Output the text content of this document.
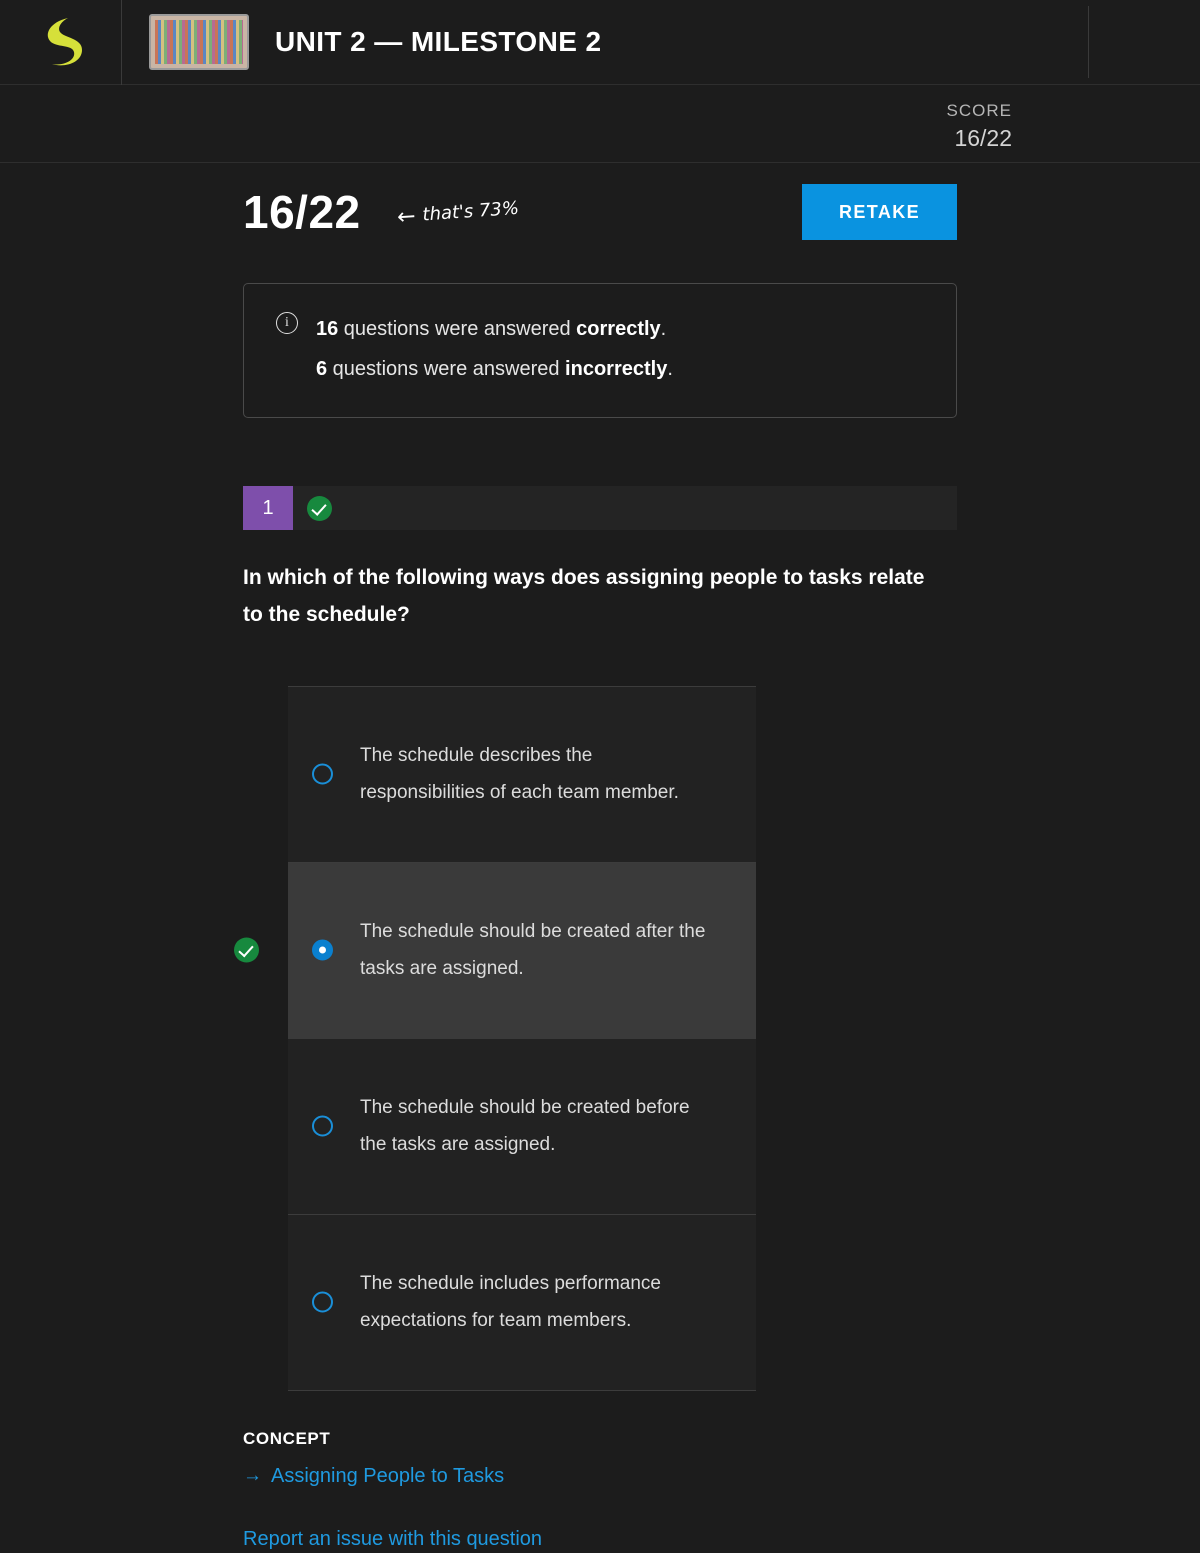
UNIT 2 — MILESTONE 2
SCORE
16/22
16/22 ← that's 73%	RETAKE
i	16 questions were answered correctly.
6 questions were answered incorrectly.
1
In which of the following ways does assigning people to tasks relate to the schedule?
The schedule describes the responsibilities of each team member.
The schedule should be created after the tasks are assigned.
The schedule should be created before the tasks are assigned.
The schedule includes performance expectations for team members.
CONCEPT
→ Assigning People to Tasks
Report an issue with this question
